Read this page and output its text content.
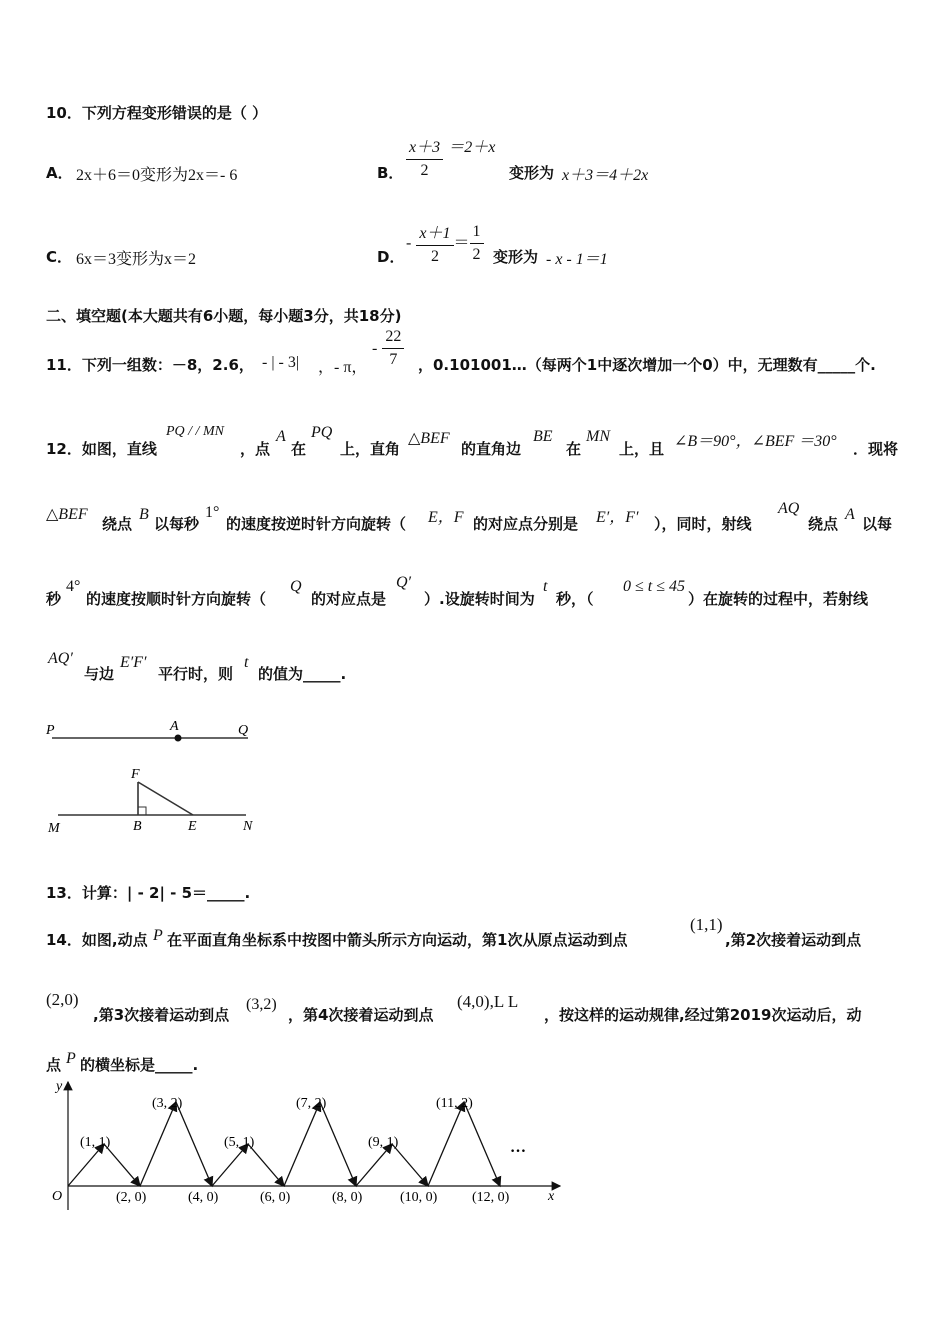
10．下列方程变形错误的是（ ）
A． 2x＋6＝0变形为2x＝- 6	B． $\frac{x+3}{2} =2+x$
变形为 x＋3＝4＋2x
C． 6x＝3变形为x＝2	D．
- $\frac{x+1}{2} = \frac{1}{2}$ 变形为 - x - 1＝1
二、填空题(本大题共有6小题，每小题3分，共18分)
11．下列一组数：－8，2.6， - | - 3| ，- π，
- $\frac{22}{7}$ ，0.101001…（每两个1中逐次增加一个0）中，无理数有_____个.
12．如图，直线
PQ / / MN
，点
A
在
PQ
上，直角
△BEF
的直角边
BE
在
MN
上，且 ∠B＝90°，∠BEF ＝30° ．现将
△BEF
绕点
B
以每秒
1°
的速度按逆时针方向旋转（ E，F 的对应点分别是 E′，F′ ），同时，射线
AQ
绕点
A
以每
秒
4°
的速度按顺时针方向旋转（
Q
的对应点是
Q′
）.设旋转时间为
t
秒，（
0 ≤ t ≤ 45
）在旋转的过程中，若射线
AQ′
与边
E′F′
平行时，则
t
的值为_____.
P	A	Q
F
M	B	E	N
13．计算：| - 2| - 5＝_____.
14．如图,动点 P 在平面直角坐标系中按图中箭头所示方向运动，第1次从原点运动到点
(1,1)
,第2次接着运动到点
(2,0)
,第3次接着运动到点
(3,2)
，第4次接着运动到点
(4,0),L L
，按这样的运动规律,经过第2019次运动后，动
点 P 的横坐标是_____.
y
x
O
(1, 1)
(3, 2)
(5, 1)
(7, 2)
(9, 1)
(11, 2)
(2, 0)	(4, 0)	(6, 0)	(8, 0)	(10, 0) (12, 0)
…
